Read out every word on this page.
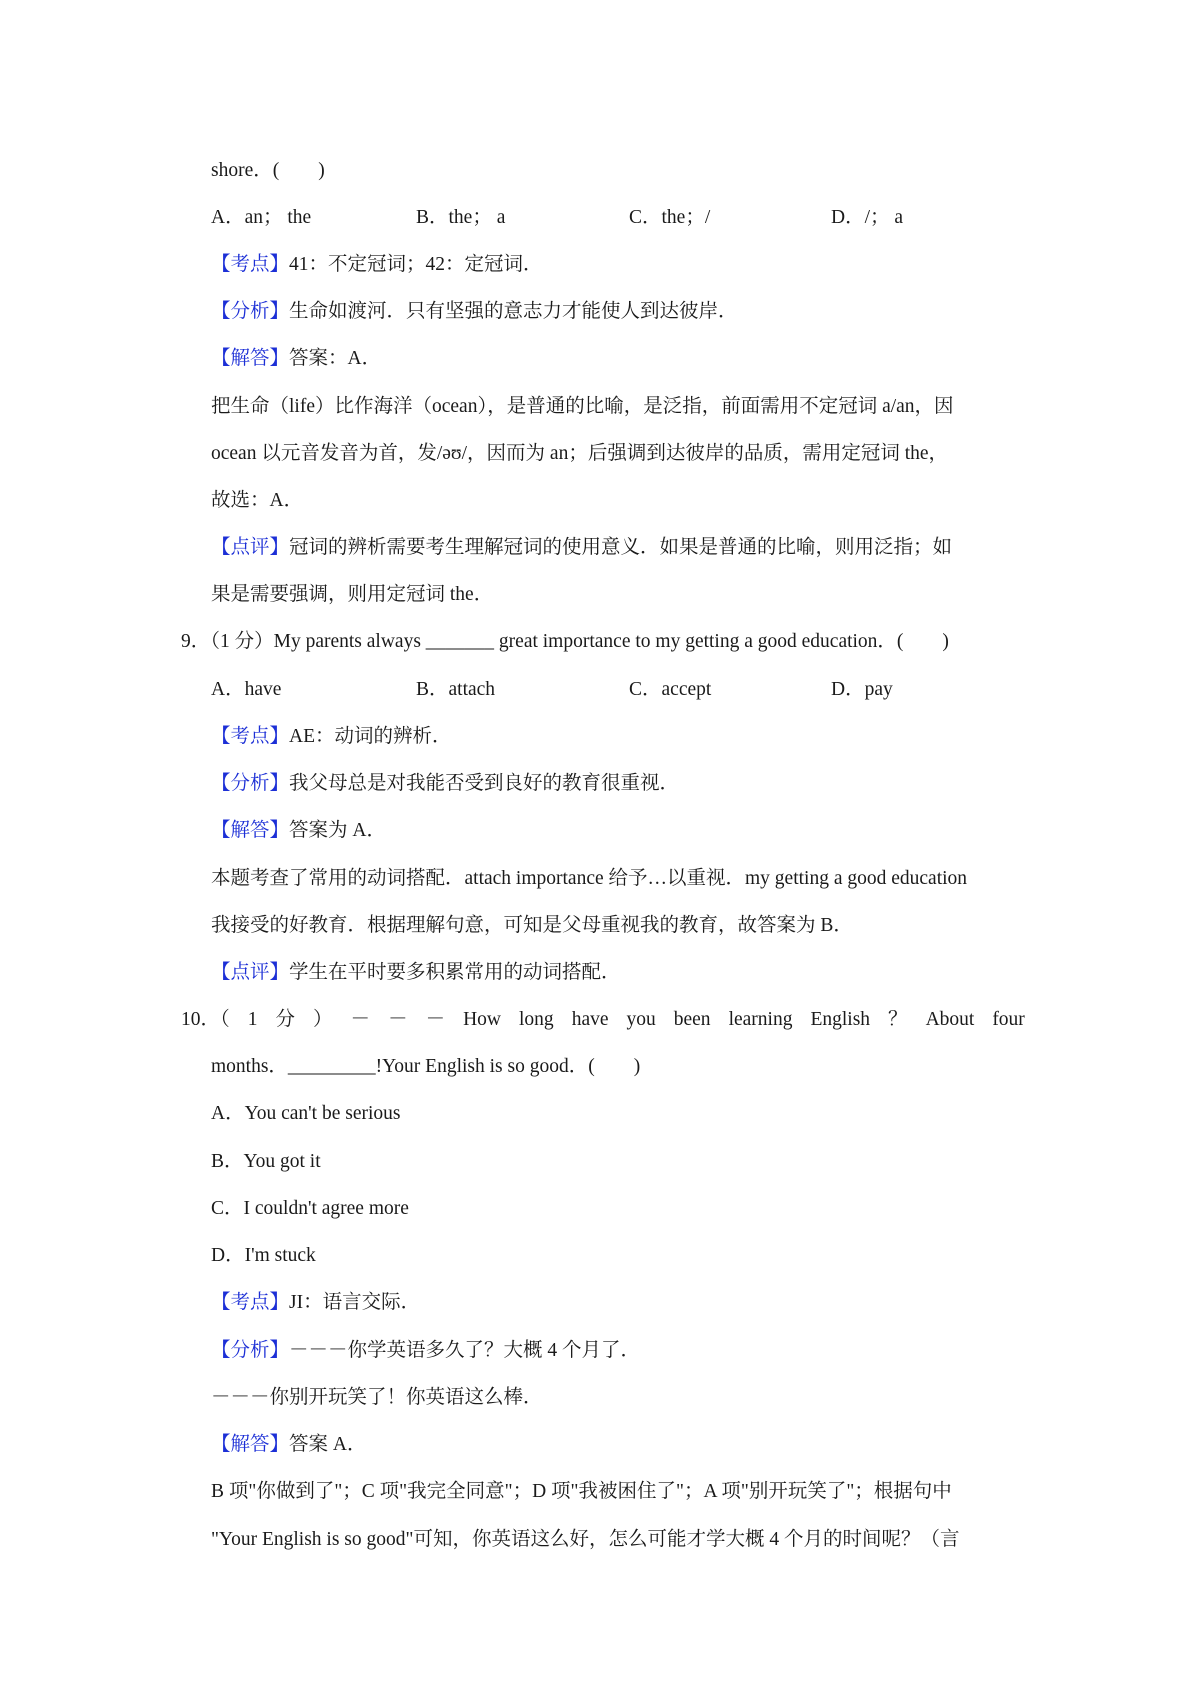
shore．(　　)
A．an； the	B．the； a	C．the；/	D．/； a
【考点】41：不定冠词；42：定冠词．
【分析】生命如渡河．只有坚强的意志力才能使人到达彼岸．
【解答】答案：A．
把生命（life）比作海洋（ocean），是普通的比喻，是泛指，前面需用不定冠词 a/an，因
ocean 以元音发音为首，发/əʊ/，因而为 an；后强调到达彼岸的品质，需用定冠词 the，
故选：A．
【点评】冠词的辨析需要考生理解冠词的使用意义．如果是普通的比喻，则用泛指；如
果是需要强调，则用定冠词 the．
9．（1 分）My parents always _______ great importance to my getting a good education．(　　)
A．have	B．attach	C．accept	D．pay
【考点】AE：动词的辨析．
【分析】我父母总是对我能否受到良好的教育很重视．
【解答】答案为 A．
本题考查了常用的动词搭配．attach importance 给予…以重视．my getting a good education
我接受的好教育．根据理解句意，可知是父母重视我的教育，故答案为 B．
【点评】学生在平时要多积累常用的动词搭配．
10．（ 1 分 ） － － － How long have you been learning English ？ About four
months．_________!Your English is so good．(　　)
A．You can't be serious
B．You got it
C．I couldn't agree more
D．I'm stuck
【考点】JI：语言交际．
【分析】－－－你学英语多久了？大概 4 个月了．
－－－你别开玩笑了！你英语这么棒．
【解答】答案 A．
B 项"你做到了"；C 项"我完全同意"；D 项"我被困住了"；A 项"别开玩笑了"；根据句中
"Your English is so good"可知，你英语这么好，怎么可能才学大概 4 个月的时间呢？（言
